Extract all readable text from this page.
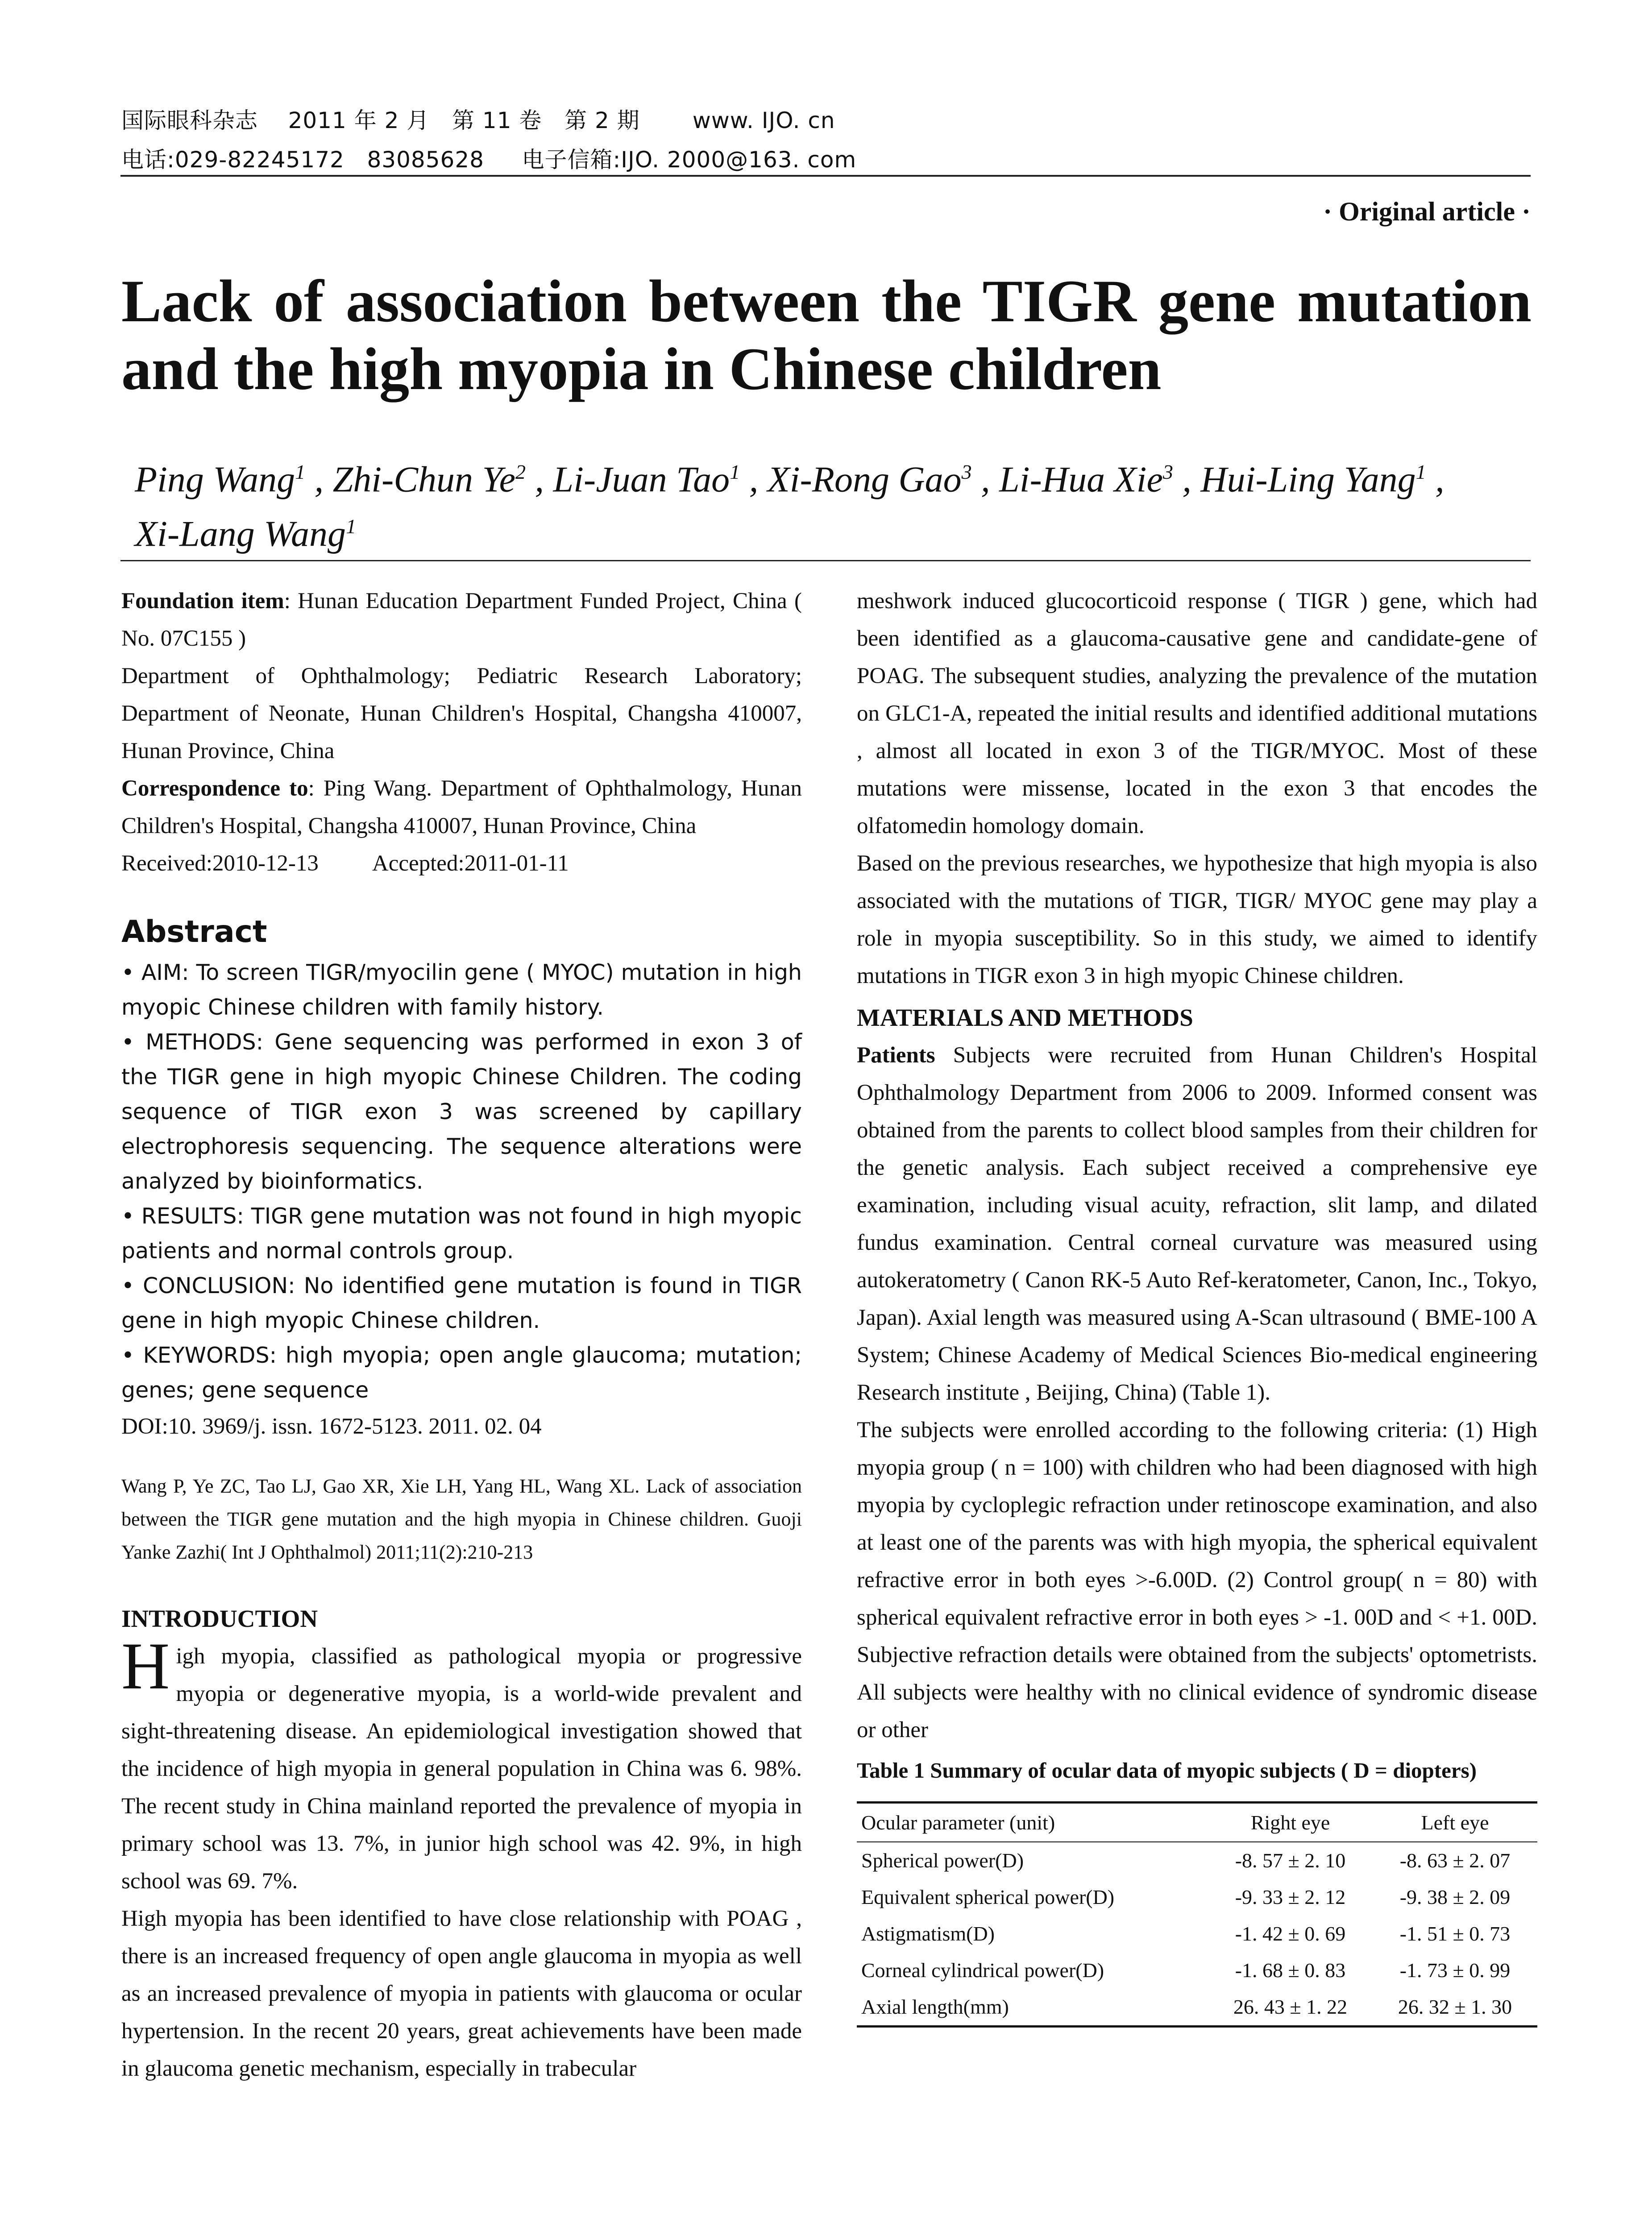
国际眼科杂志    2011 年 2 月   第 11 卷   第 2 期       www. IJO. cn
电话:029-82245172   83085628     电子信箱:IJO. 2000@163. com
· Original article ·
Lack of association between the TIGR gene mutation
and the high myopia in Chinese children
Ping Wang$^1$ , Zhi-Chun Ye$^2$ , Li-Juan Tao$^1$ , Xi-Rong Gao$^3$ , Li-Hua Xie$^3$ , Hui-Ling Yang$^1$ ,
Xi-Lang Wang$^1$

Foundation item: Hunan Education Department Funded Project, China ( No. 07C155 )

Department of Ophthalmology; Pediatric Research Laboratory; Department of Neonate, Hunan Children's Hospital, Changsha 410007, Hunan Province, China

Correspondence to: Ping Wang. Department of Ophthalmology, Hunan Children's Hospital, Changsha 410007, Hunan Province, China

Received:2010-12-13 Accepted:2011-01-11

Abstract

• AIM: To screen TIGR/myocilin gene ( MYOC) mutation in high myopic Chinese children with family history.

• METHODS: Gene sequencing was performed in exon 3 of the TIGR gene in high myopic Chinese Children. The coding sequence of TIGR exon 3 was screened by capillary electrophoresis sequencing. The sequence alterations were analyzed by bioinformatics.

• RESULTS: TIGR gene mutation was not found in high myopic patients and normal controls group.

• CONCLUSION: No identified gene mutation is found in TIGR gene in high myopic Chinese children.

• KEYWORDS: high myopia; open angle glaucoma; mutation; genes; gene sequence

DOI:10. 3969/j. issn. 1672-5123. 2011. 02. 04

Wang P, Ye ZC, Tao LJ, Gao XR, Xie LH, Yang HL, Wang XL. Lack of association between the TIGR gene mutation and the high myopia in Chinese children. Guoji Yanke Zazhi( Int J Ophthalmol) 2011;11(2):210-213

INTRODUCTION

High myopia, classified as pathological myopia or progressive myopia or degenerative myopia, is a world-wide prevalent and sight-threatening disease. An epidemiological investigation showed that the incidence of high myopia in general population in China was 6. 98%. The recent study in China mainland reported the prevalence of myopia in primary school was 13. 7%, in junior high school was 42. 9%, in high school was 69. 7%.

High myopia has been identified to have close relationship with POAG , there is an increased frequency of open angle glaucoma in myopia as well as an increased prevalence of myopia in patients with glaucoma or ocular hypertension. In the recent 20 years, great achievements have been made in glaucoma genetic mechanism, especially in trabecular

meshwork induced glucocorticoid response ( TIGR ) gene, which had been identified as a glaucoma-causative gene and candidate-gene of POAG. The subsequent studies, analyzing the prevalence of the mutation on GLC1-A, repeated the initial results and identified additional mutations , almost all located in exon 3 of the TIGR/MYOC. Most of these mutations were missense, located in the exon 3 that encodes the olfatomedin homology domain.

Based on the previous researches, we hypothesize that high myopia is also associated with the mutations of TIGR, TIGR/ MYOC gene may play a role in myopia susceptibility. So in this study, we aimed to identify mutations in TIGR exon 3 in high myopic Chinese children.

MATERIALS AND METHODS

Patients Subjects were recruited from Hunan Children's Hospital Ophthalmology Department from 2006 to 2009. Informed consent was obtained from the parents to collect blood samples from their children for the genetic analysis. Each subject received a comprehensive eye examination, including visual acuity, refraction, slit lamp, and dilated fundus examination. Central corneal curvature was measured using autokeratometry ( Canon RK-5 Auto Ref-keratometer, Canon, Inc., Tokyo, Japan). Axial length was measured using A-Scan ultrasound ( BME-100 A System; Chinese Academy of Medical Sciences Bio-medical engineering Research institute , Beijing, China) (Table 1).

The subjects were enrolled according to the following criteria: (1) High myopia group ( n = 100) with children who had been diagnosed with high myopia by cycloplegic refraction under retinoscope examination, and also at least one of the parents was with high myopia, the spherical equivalent refractive error in both eyes >-6.00D. (2) Control group( n = 80) with spherical equivalent refractive error in both eyes > -1. 00D and < +1. 00D. Subjective refraction details were obtained from the subjects' optometrists. All subjects were healthy with no clinical evidence of syndromic disease or other

Table 1 Summary of ocular data of myopic subjects ( D = diopters)

Ocular parameter (unit)	Right eye	Left eye
Spherical power(D)	-8. 57 ± 2. 10	-8. 63 ± 2. 07
Equivalent spherical power(D)	-9. 33 ± 2. 12	-9. 38 ± 2. 09
Astigmatism(D)	-1. 42 ± 0. 69	-1. 51 ± 0. 73
Corneal cylindrical power(D)	-1. 68 ± 0. 83	-1. 73 ± 0. 99
Axial length(mm)	26. 43 ± 1. 22	26. 32 ± 1. 30
